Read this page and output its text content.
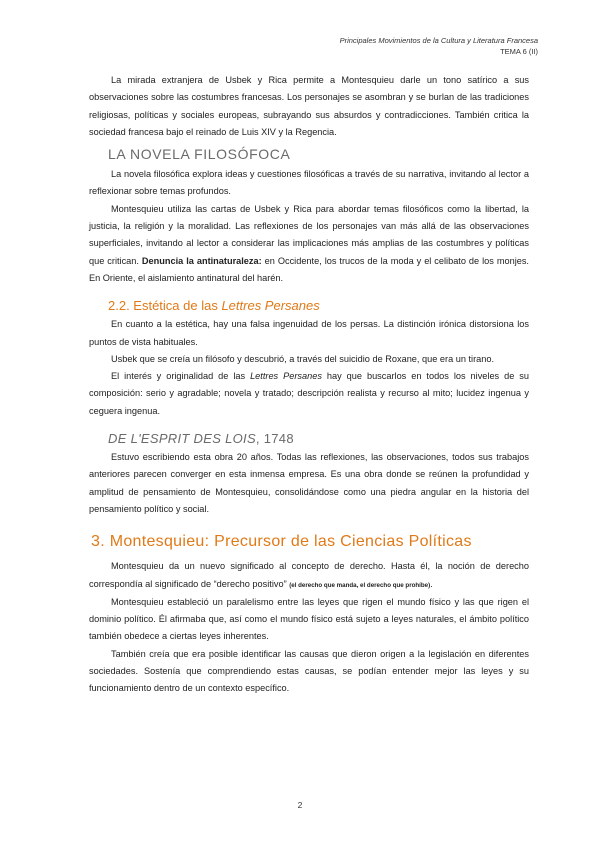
Principales Movimientos de la Cultura y Literatura Francesa
TEMA 6 (II)

La mirada extranjera de Usbek y Rica permite a Montesquieu darle un tono satírico a sus observaciones sobre las costumbres francesas. Los personajes se asombran y se burlan de las tradiciones religiosas, políticas y sociales europeas, subrayando sus absurdos y contradicciones. También critica la sociedad francesa bajo el reinado de Luis XIV y la Regencia.

LA NOVELA FILOSÓFOCA

La novela filosófica explora ideas y cuestiones filosóficas a través de su narrativa, invitando al lector a reflexionar sobre temas profundos.

Montesquieu utiliza las cartas de Usbek y Rica para abordar temas filosóficos como la libertad, la justicia, la religión y la moralidad. Las reflexiones de los personajes van más allá de las observaciones superficiales, invitando al lector a considerar las implicaciones más amplias de las costumbres y políticas que critican. Denuncia la antinaturaleza: en Occidente, los trucos de la moda y el celibato de los monjes. En Oriente, el aislamiento antinatural del harén.

2.2. Estética de las Lettres Persanes

En cuanto a la estética, hay una falsa ingenuidad de los persas. La distinción irónica distorsiona los puntos de vista habituales.

Usbek que se creía un filósofo y descubrió, a través del suicidio de Roxane, que era un tirano.

El interés y originalidad de las Lettres Persanes hay que buscarlos en todos los niveles de su composición: serio y agradable; novela y tratado; descripción realista y recurso al mito; lucidez ingenua y ceguera ingenua.

DE L'ESPRIT DES LOIS, 1748

Estuvo escribiendo esta obra 20 años. Todas las reflexiones, las observaciones, todos sus trabajos anteriores parecen converger en esta inmensa empresa. Es una obra donde se reúnen la profundidad y amplitud de pensamiento de Montesquieu, consolidándose como una piedra angular en la historia del pensamiento político y social.

3. Montesquieu: Precursor de las Ciencias Políticas

Montesquieu da un nuevo significado al concepto de derecho. Hasta él, la noción de derecho correspondía al significado de “derecho positivo” (el derecho que manda, el derecho que prohíbe).

Montesquieu estableció un paralelismo entre las leyes que rigen el mundo físico y las que rigen el dominio político. Él afirmaba que, así como el mundo físico está sujeto a leyes naturales, el ámbito político también obedece a ciertas leyes inherentes.

También creía que era posible identificar las causas que dieron origen a la legislación en diferentes sociedades. Sostenía que comprendiendo estas causas, se podían entender mejor las leyes y su funcionamiento dentro de un contexto específico.

2
